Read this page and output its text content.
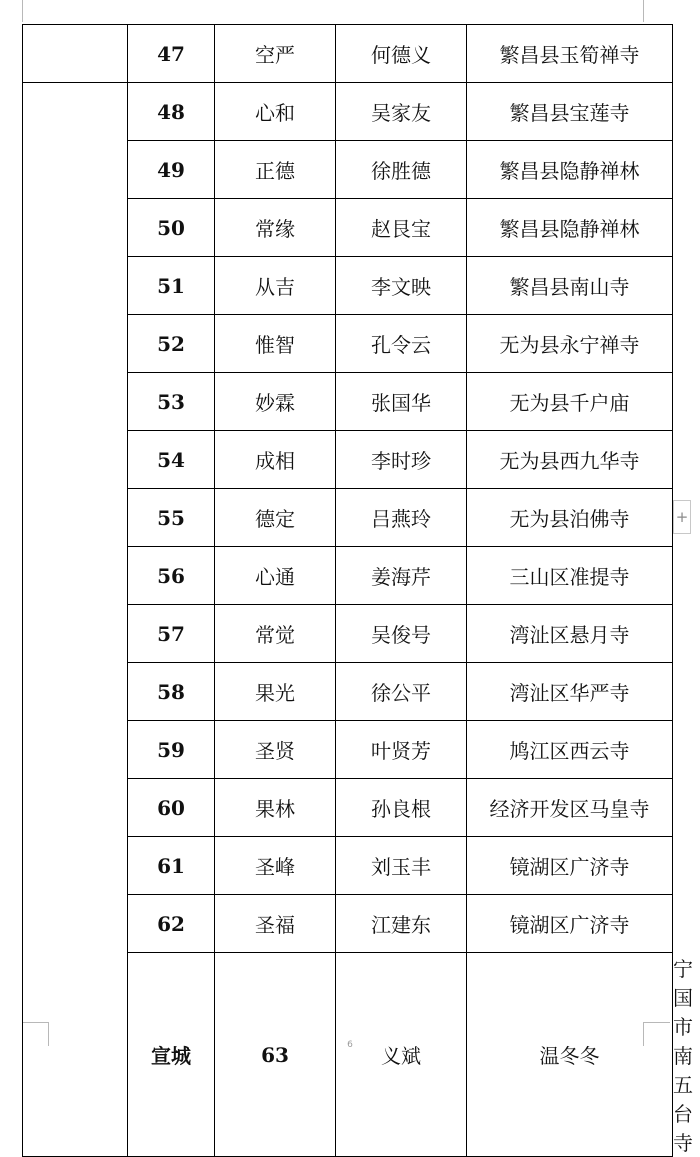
	47	空严	何德义	繁昌县玉筍禅寺	
	48	心和	吴家友	繁昌县宝莲寺	
	49	正德	徐胜德	繁昌县隐静禅林	
	50	常缘	赵艮宝	繁昌县隐静禅林	
	51	从吉	李文映	繁昌县南山寺	
	52	惟智	孔令云	无为县永宁禅寺	
	53	妙霖	张国华	无为县千户庙	
	54	成相	李时珍	无为县西九华寺	
	55	德定	吕燕玲	无为县泊佛寺	
	56	心通	姜海芹	三山区准提寺	
	57	常觉	吴俊号	湾沚区悬月寺	
	58	果光	徐公平	湾沚区华严寺	
	59	圣贤	叶贤芳	鸠江区西云寺	
	60	果林	孙良根	经济开发区马皇寺	
	61	圣峰	刘玉丰	镜湖区广济寺	
	62	圣福	江建东	镜湖区广济寺	
	宣城	63	义斌	温冬冬	宁国市南五台寺
+
6
